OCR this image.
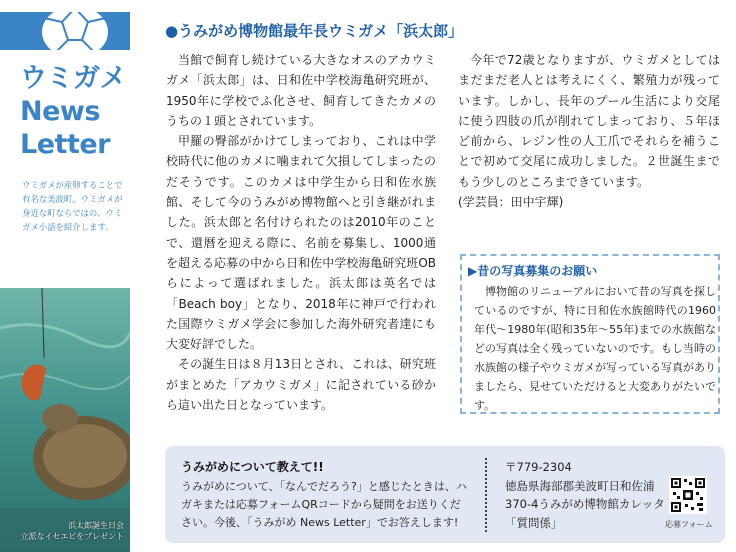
ウミガメ
News
Letter
ウミガメが産卵することで有名な美波町。ウミガメが身近な町ならではの、ウミガメ小話を紹介します。
浜太郎誕生日会
立派なイセエビをプレゼント
●うみがめ博物館最年長ウミガメ「浜太郎」

当館で飼育し続けている大きなオスのアカウミガメ「浜太郎」は、日和佐中学校海亀研究班が、1950年に学校でふ化させ、飼育してきたカメのうちの１頭とされています。

甲羅の臀部がかけてしまっており、これは中学校時代に他のカメに噛まれて欠損してしまったのだそうです。このカメは中学生から日和佐水族館、そして今のうみがめ博物館へと引き継がれました。浜太郎と名付けられたのは2010年のことで、還暦を迎える際に、名前を募集し、1000通を超える応募の中から日和佐中学校海亀研究班OBらによって選ばれました。浜太郎は英名では「Beach boy」となり、2018年に神戸で行われた国際ウミガメ学会に参加した海外研究者達にも大変好評でした。

その誕生日は８月13日とされ、これは、研究班がまとめた「アカウミガメ」に記されている砂から這い出た日となっています。

今年で72歳となりますが、ウミガメとしてはまだまだ老人とは考えにくく、繁殖力が残っています。しかし、長年のプール生活により交尾に使う四肢の爪が削れてしまっており、５年ほど前から、レジン性の人工爪でそれらを補うことで初めて交尾に成功しました。２世誕生までもう少しのところまできています。

(学芸員：田中宇輝)

▶昔の写真募集のお願い

博物館のリニューアルにおいて昔の写真を探しているのですが、特に日和佐水族館時代の1960年代～1980年(昭和35年～55年)までの水族館などの写真は全く残っていないのです。もし当時の水族館の様子やウミガメが写っている写真がありましたら、見せていただけると大変ありがたいです。

うみがめについて教えて!!
うみがめについて、「なんでだろう?」と感じたときは、ハガキまたは応募フォームQRコードから疑問をお送りください。今後、「うみがめ News Letter」でお答えします!
〒779-2304
徳島県海部郡美波町日和佐浦
370-4うみがめ博物館カレッタ
「質問係」	応募フォーム
